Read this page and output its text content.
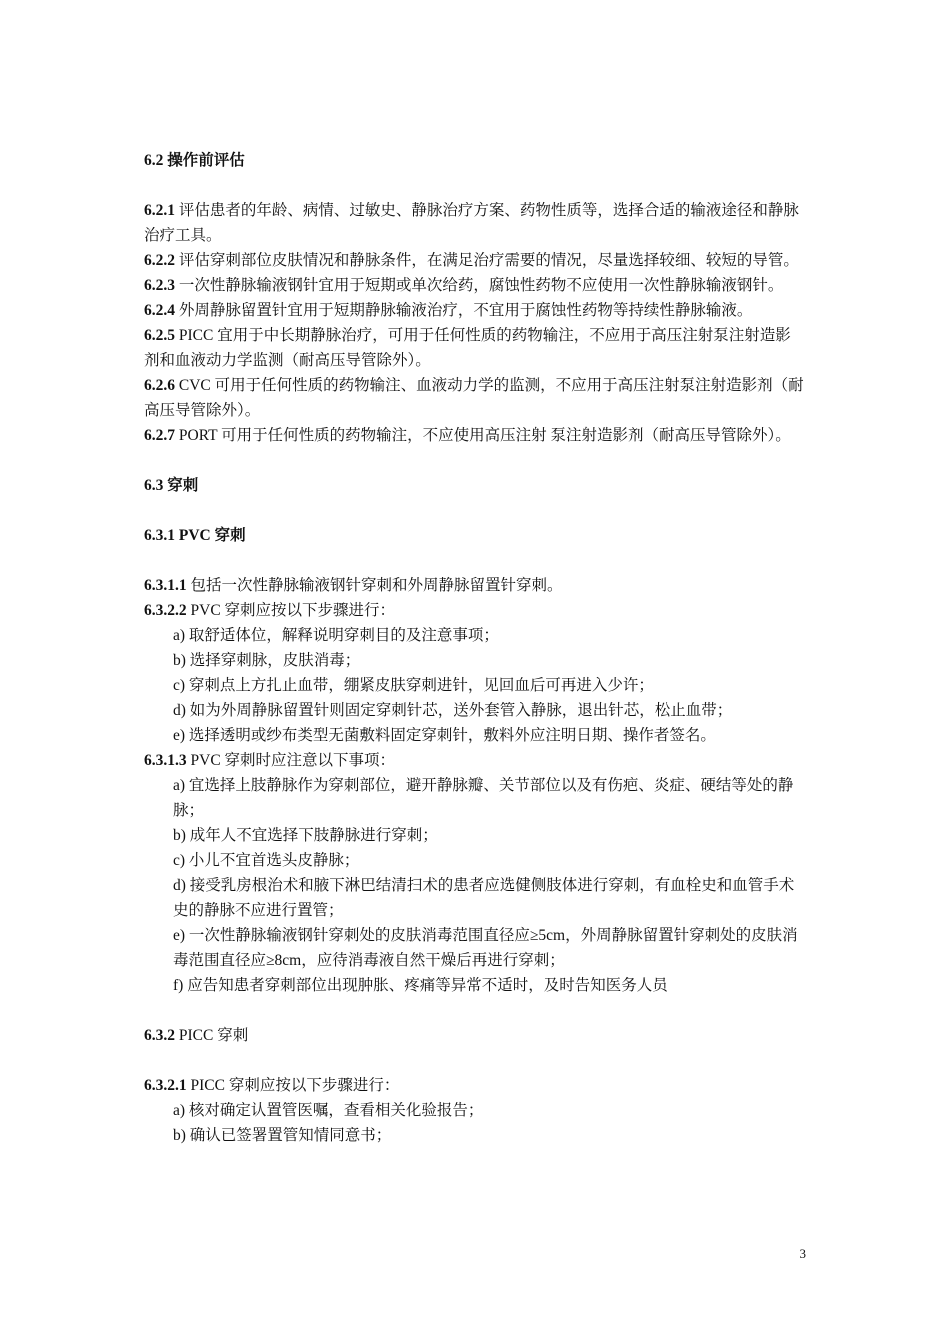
6.2 操作前评估

6.2.1 评估患者的年龄、病情、过敏史、静脉治疗方案、药物性质等，选择合适的输液途径和静脉治疗工具。

6.2.2 评估穿刺部位皮肤情况和静脉条件，在满足治疗需要的情况，尽量选择较细、较短的导管。

6.2.3 一次性静脉输液钢针宜用于短期或单次给药，腐蚀性药物不应使用一次性静脉输液钢针。

6.2.4 外周静脉留置针宜用于短期静脉输液治疗，不宜用于腐蚀性药物等持续性静脉输液。

6.2.5 PICC 宜用于中长期静脉治疗，可用于任何性质的药物输注，不应用于高压注射泵注射造影剂和血液动力学监测（耐高压导管除外）。

6.2.6 CVC 可用于任何性质的药物输注、血液动力学的监测，不应用于高压注射泵注射造影剂（耐高压导管除外）。

6.2.7 PORT 可用于任何性质的药物输注，不应使用高压注射 泵注射造影剂（耐高压导管除外）。

6.3 穿刺

6.3.1 PVC 穿刺

6.3.1.1 包括一次性静脉输液钢针穿刺和外周静脉留置针穿刺。

6.3.2.2 PVC 穿刺应按以下步骤进行：

a) 取舒适体位，解释说明穿刺目的及注意事项；

b) 选择穿刺脉，皮肤消毒；

c) 穿刺点上方扎止血带，绷紧皮肤穿刺进针，见回血后可再进入少许；

d) 如为外周静脉留置针则固定穿刺针芯，送外套管入静脉，退出针芯，松止血带；

e) 选择透明或纱布类型无菌敷料固定穿刺针，敷料外应注明日期、操作者签名。

6.3.1.3 PVC 穿刺时应注意以下事项：

a) 宜选择上肢静脉作为穿刺部位，避开静脉瓣、关节部位以及有伤疤、炎症、硬结等处的静脉；

b) 成年人不宜选择下肢静脉进行穿刺；

c) 小儿不宜首选头皮静脉；

d) 接受乳房根治术和腋下淋巴结清扫术的患者应选健侧肢体进行穿刺，有血栓史和血管手术史的静脉不应进行置管；

e) 一次性静脉输液钢针穿刺处的皮肤消毒范围直径应≥5cm，外周静脉留置针穿刺处的皮肤消毒范围直径应≥8cm，应待消毒液自然干燥后再进行穿刺；

f) 应告知患者穿刺部位出现肿胀、疼痛等异常不适时，及时告知医务人员

6.3.2 PICC 穿刺

6.3.2.1 PICC 穿刺应按以下步骤进行：

a) 核对确定认置管医嘱，查看相关化验报告；

b) 确认已签署置管知情同意书；

3
